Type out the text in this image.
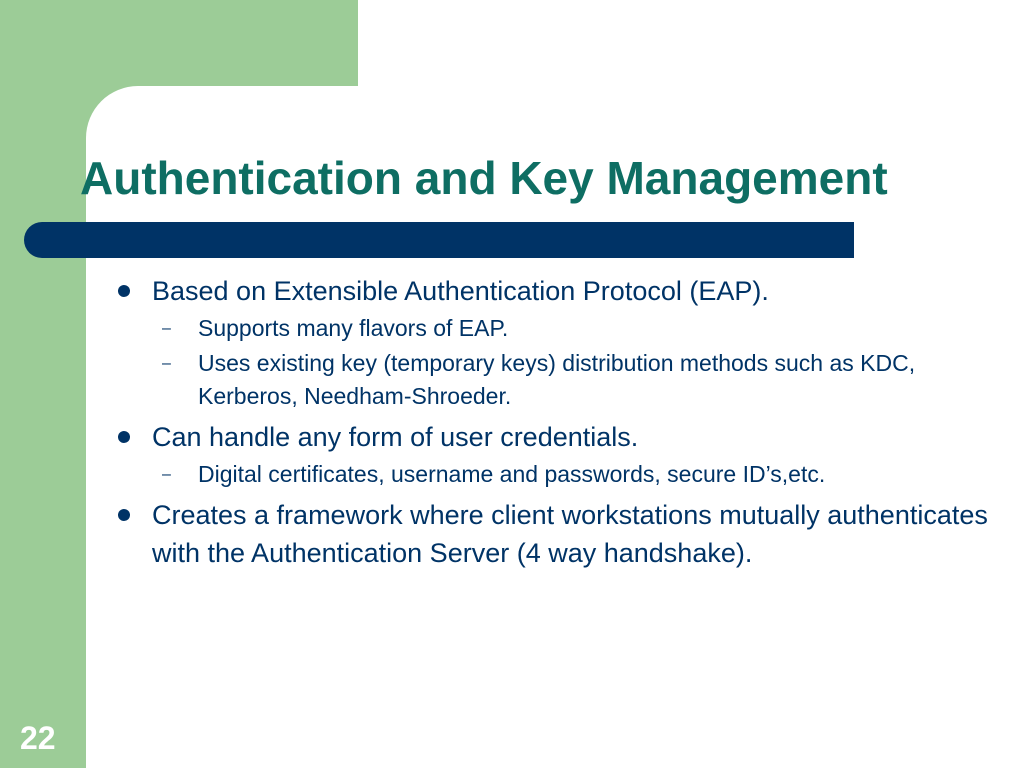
Authentication and Key Management
Based on Extensible Authentication Protocol (EAP).
– Supports many flavors of EAP.
– Uses existing key (temporary keys) distribution methods such as KDC, Kerberos, Needham-Shroeder.
Can handle any form of user credentials.
– Digital certificates, username and passwords, secure ID’s,etc.
Creates a framework where client workstations mutually authenticates with the Authentication Server (4 way handshake).
22
